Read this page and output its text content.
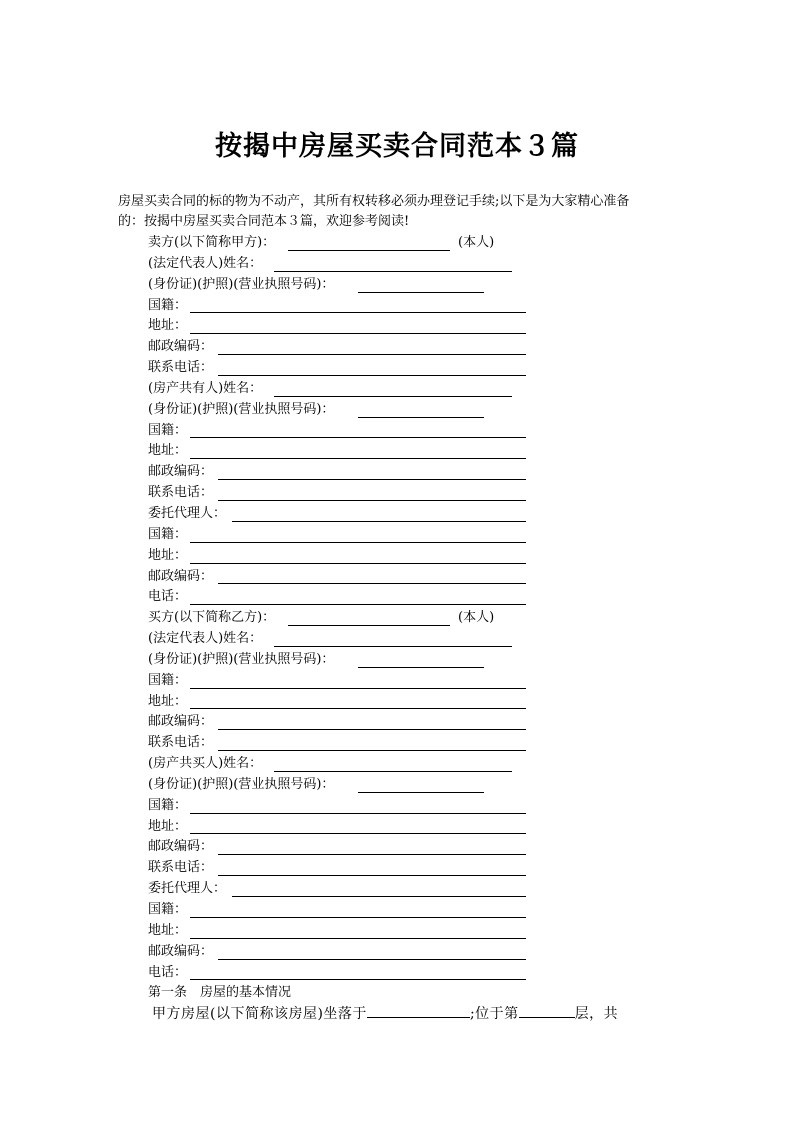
按揭中房屋买卖合同范本３篇
房屋买卖合同的标的物为不动产，其所有权转移必须办理登记手续;以下是为大家精心准备
的：按揭中房屋买卖合同范本３篇，欢迎参考阅读!
卖方(以下简称甲方)：	(本人)
(法定代表人)姓名：
(身份证)(护照)(营业执照号码)：
国籍：
地址：
邮政编码：
联系电话：
(房产共有人)姓名：
(身份证)(护照)(营业执照号码)：
国籍：
地址：
邮政编码：
联系电话：
委托代理人：
国籍：
地址：
邮政编码：
电话：
买方(以下简称乙方)：	(本人)
(法定代表人)姓名：
(身份证)(护照)(营业执照号码)：
国籍：
地址：
邮政编码：
联系电话：
(房产共买人)姓名：
(身份证)(护照)(营业执照号码)：
国籍：
地址：
邮政编码：
联系电话：
委托代理人：
国籍：
地址：
邮政编码：
电话：
第一条　房屋的基本情况
甲方房屋(以下简称该房屋)坐落于	;位于第	层，共
